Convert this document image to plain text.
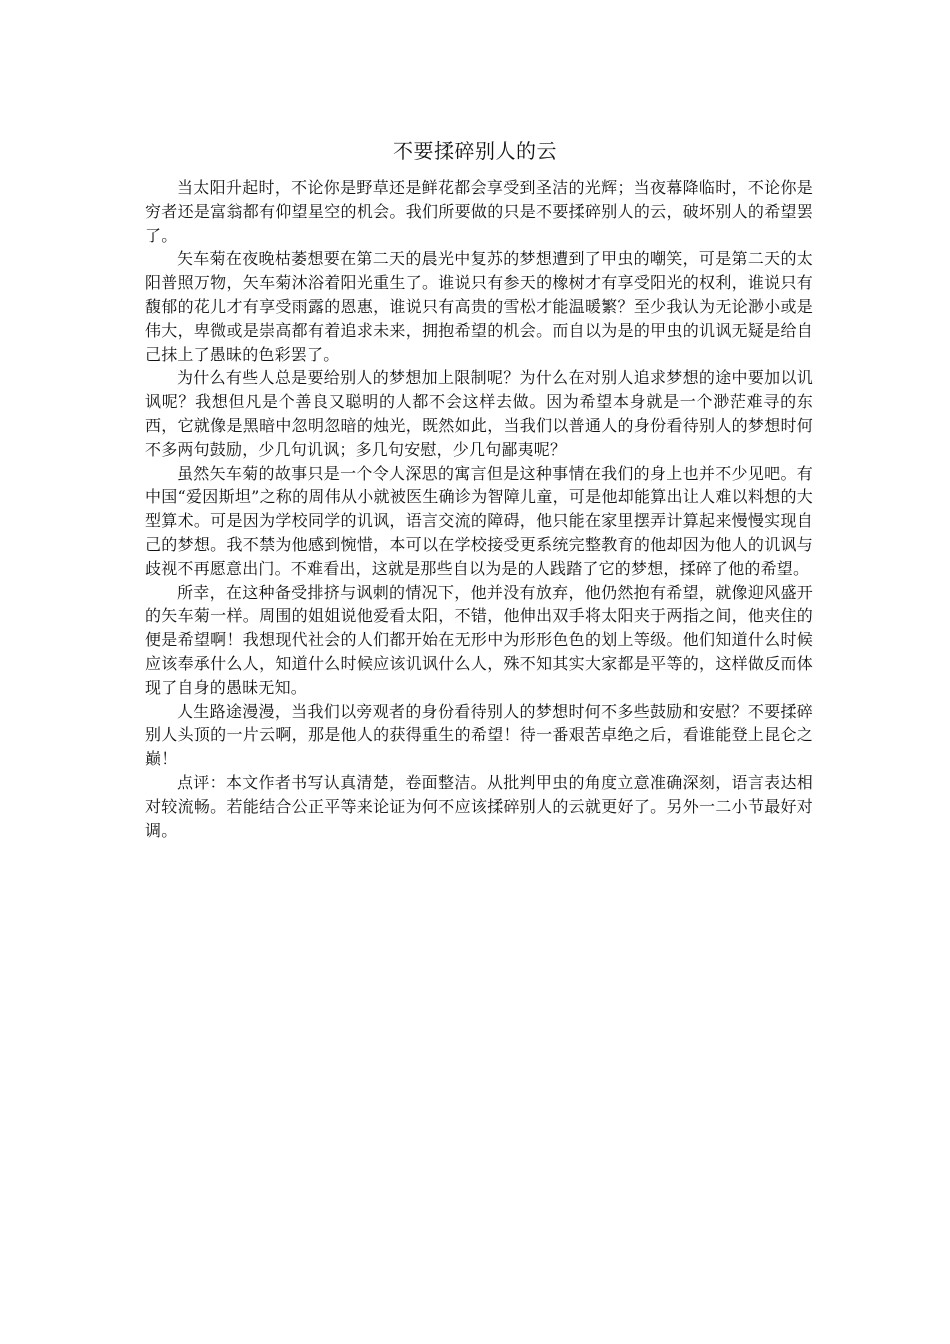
不要揉碎别人的云

当太阳升起时，不论你是野草还是鲜花都会享受到圣洁的光辉；当夜幕降临时，不论你是穷者还是富翁都有仰望星空的机会。我们所要做的只是不要揉碎别人的云，破坏别人的希望罢了。

矢车菊在夜晚枯萎想要在第二天的晨光中复苏的梦想遭到了甲虫的嘲笑，可是第二天的太阳普照万物，矢车菊沐浴着阳光重生了。谁说只有参天的橡树才有享受阳光的权利，谁说只有馥郁的花儿才有享受雨露的恩惠，谁说只有高贵的雪松才能温暖繁？至少我认为无论渺小或是伟大，卑微或是崇高都有着追求未来，拥抱希望的机会。而自以为是的甲虫的讥讽无疑是给自己抹上了愚昧的色彩罢了。

为什么有些人总是要给别人的梦想加上限制呢？为什么在对别人追求梦想的途中要加以讥讽呢？我想但凡是个善良又聪明的人都不会这样去做。因为希望本身就是一个渺茫难寻的东西，它就像是黑暗中忽明忽暗的烛光，既然如此，当我们以普通人的身份看待别人的梦想时何不多两句鼓励，少几句讥讽；多几句安慰，少几句鄙夷呢？

虽然矢车菊的故事只是一个令人深思的寓言但是这种事情在我们的身上也并不少见吧。有中国“爱因斯坦”之称的周伟从小就被医生确诊为智障儿童，可是他却能算出让人难以料想的大型算术。可是因为学校同学的讥讽，语言交流的障碍，他只能在家里摆弄计算起来慢慢实现自己的梦想。我不禁为他感到惋惜，本可以在学校接受更系统完整教育的他却因为他人的讥讽与歧视不再愿意出门。不难看出，这就是那些自以为是的人践踏了它的梦想，揉碎了他的希望。

所幸，在这种备受排挤与讽刺的情况下，他并没有放弃，他仍然抱有希望，就像迎风盛开的矢车菊一样。周围的姐姐说他爱看太阳，不错，他伸出双手将太阳夹于两指之间，他夹住的便是希望啊！我想现代社会的人们都开始在无形中为形形色色的划上等级。他们知道什么时候应该奉承什么人，知道什么时候应该讥讽什么人，殊不知其实大家都是平等的，这样做反而体现了自身的愚昧无知。

人生路途漫漫，当我们以旁观者的身份看待别人的梦想时何不多些鼓励和安慰？不要揉碎别人头顶的一片云啊，那是他人的获得重生的希望！待一番艰苦卓绝之后，看谁能登上昆仑之巅！

点评：本文作者书写认真清楚，卷面整洁。从批判甲虫的角度立意准确深刻，语言表达相对较流畅。若能结合公正平等来论证为何不应该揉碎别人的云就更好了。另外一二小节最好对调。
